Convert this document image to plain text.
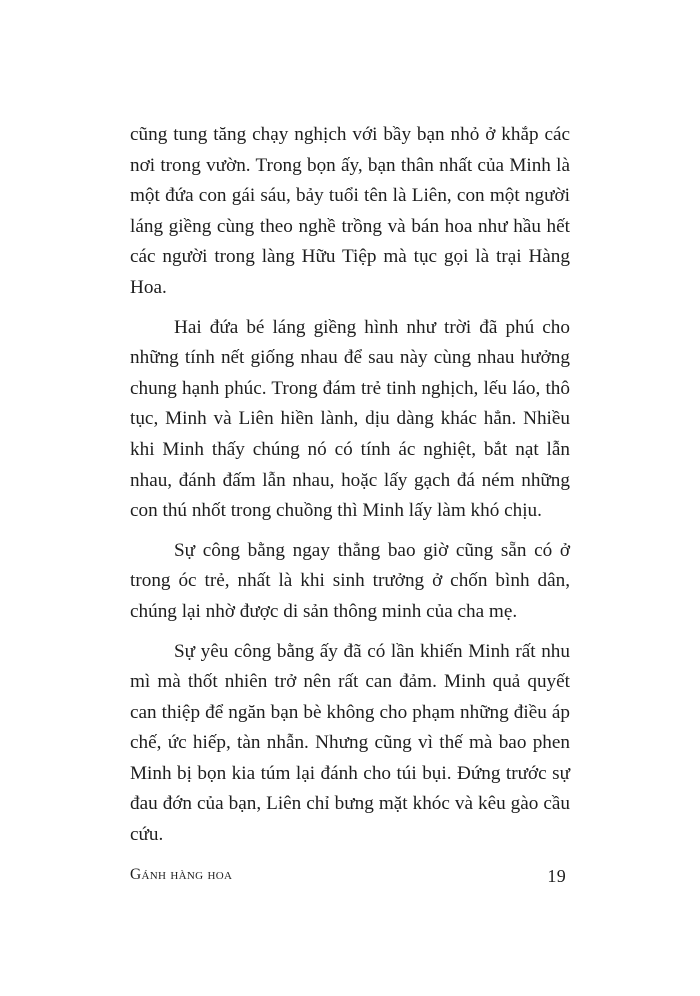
cũng tung tăng chạy nghịch với bầy bạn nhỏ ở khắp các nơi trong vườn. Trong bọn ấy, bạn thân nhất của Minh là một đứa con gái sáu, bảy tuổi tên là Liên, con một người láng giềng cùng theo nghề trồng và bán hoa như hầu hết các người trong làng Hữu Tiệp mà tục gọi là trại Hàng Hoa.

Hai đứa bé láng giềng hình như trời đã phú cho những tính nết giống nhau để sau này cùng nhau hưởng chung hạnh phúc. Trong đám trẻ tinh nghịch, lếu láo, thô tục, Minh và Liên hiền lành, dịu dàng khác hẳn. Nhiều khi Minh thấy chúng nó có tính ác nghiệt, bắt nạt lẫn nhau, đánh đấm lẫn nhau, hoặc lấy gạch đá ném những con thú nhốt trong chuồng thì Minh lấy làm khó chịu.

Sự công bằng ngay thẳng bao giờ cũng sẵn có ở trong óc trẻ, nhất là khi sinh trưởng ở chốn bình dân, chúng lại nhờ được di sản thông minh của cha mẹ.

Sự yêu công bằng ấy đã có lần khiến Minh rất nhu mì mà thốt nhiên trở nên rất can đảm. Minh quả quyết can thiệp để ngăn bạn bè không cho phạm những điều áp chế, ức hiếp, tàn nhẫn. Nhưng cũng vì thế mà bao phen Minh bị bọn kia túm lại đánh cho túi bụi. Đứng trước sự đau đớn của bạn, Liên chỉ bưng mặt khóc và kêu gào cầu cứu.

Gánh hàng hoa	19
